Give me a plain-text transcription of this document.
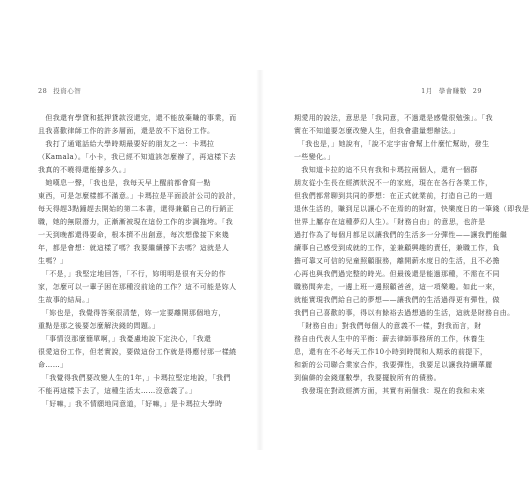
28 投資心智
　但我還有學貸和抵押貸款沒還完，還不能放棄賺的事業，而
且我喜歡律師工作的許多層面，還是放不下這份工作。
　我打了通電話給大學時期最要好的朋友之一：卡瑪拉
（Kamala）。「小卡，我已經不知道該怎麼辦了，再這樣下去
我真的不曉得還能撐多久。」
　她嘆息一聲，「我也是，我每天早上醒前都會寫一點
東西，可是怎麼樣都不滿意。」卡瑪拉是平面設計公司的設計，
每天得趕3點鐘趕去開始的第二本書，還得兼顧自己的行銷正
職，她的無限潛力，正漸漸被現在這份工作的步調拖垮。「我
一天到晚都還得要命，根本擠不出創意，每次想像接下來幾
年，都是會想：就這樣了嗎？我要繼續撐下去嗎？這就是人
生嗎？」
　「不是，」我堅定地回答，「不行，妳明明是很有天分的作
家，怎麼可以一輩子困在那種沒前途的工作？這不可能是妳人
生故事的結局。」
　「妳也是，我覺得答案很清楚，妳一定要離開那個地方，
重點是那之後要怎麼解決錢的問題。」
　「事情沒那麼簡單啊，」我憂慮地說下定決心，「我還
很愛這份工作，但老實說，要做這份工作就是得應付那一樣繞
命……」
　「我覺得我們要改變人生的1年，」卡瑪拉堅定地說，「我們
不能再這樣下去了，這種生活太……沒意義了。」
　「好嘛，」我不情願地同意道，「好嘛，」是卡瑪拉大學時
1月 學會賺數 29
期愛用的說法，意思是「我同意，不過還是感覺很勉強」。「我
實在不知道要怎麼改變人生，但我會盡量想辦法。」
　「我也是，」她說有，「說不定宇宙會幫上什麼忙幫助，發生
一些變化。」
　我知道卡拉的這不只有我和卡瑪拉兩個人，還有一個群
朋友從小生長在經濟狀況不一的家庭，現在在各行各業工作，
但我們都常聊到共同的夢想：在正式就業前，打造自己的一週
退休生活的，賺到足以讓心不在焉的的財富，快樂度日的一筆錢（即我是
世界上屬存在這種夢幻人生）。「財務自由」的意思，也許是
過打作為了每個月都足以讓我們的生活多一分彈性——讓我們能繼
續事自己感受到成就的工作，並兼顧興趣的責任，兼職工作，負
擔可靠又可信的兒童照顧服務，離開薪水度日的生活，且不必擔
心再也與我們過完整的時光。但最後還是能過那種，不需在不同
職務間奔走，一邊上班一邊照顧爸爸，這一項樂趣。如此一來，
就能實現我們給自己的夢想——讓我們的生活過得更有彈性，做
我們自己喜歡的事，得以有餘裕去過想過的生活，這就是財務自由。
　「財務自由」對我們每個人的意義不一樣，對我而言，財
務自由代表人生中的平衡：薪去律師事務所的工作，休養生
息，還有在不必每天工作10小時到時間和人期承的前提下，
和新的公司聯合業家合作，我要彈性，我要足以讓我持續華麗
到偏僻的金錢運數學，我要擺脫所有的債務。
　我發現在對政經濟方面，其實有兩個我：現在的我和未來
